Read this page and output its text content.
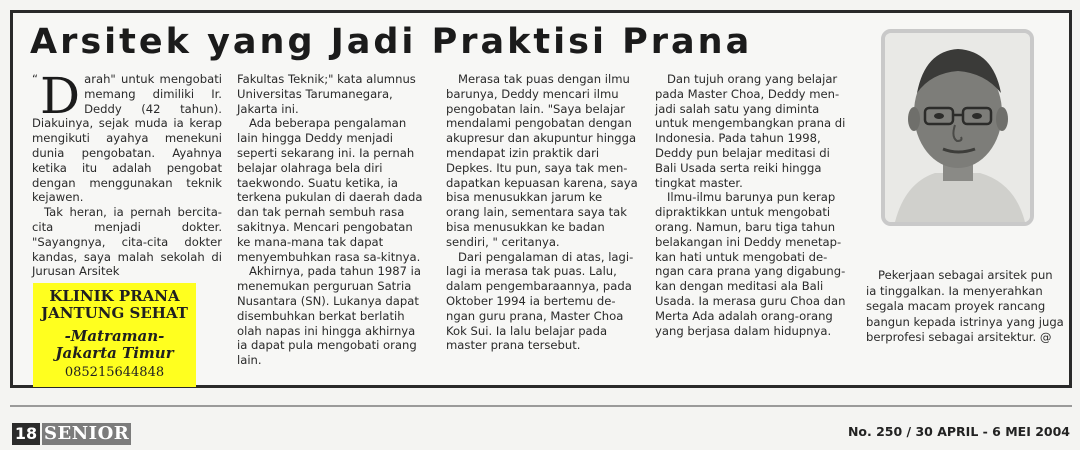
Arsitek yang Jadi Praktisi Prana

“ D arah" untuk mengobati memang dimiliki Ir. Deddy (42 tahun). Diakuinya, sejak muda ia kerap mengikuti ayahya menekuni dunia pengobatan. Ayahnya ketika itu adalah pengobat dengan menggunakan teknik kejawen.

Tak heran, ia pernah bercita-cita menjadi dokter. "Sayangnya, cita-cita dokter kandas, saya malah sekolah di Jurusan Arsitek

Fakultas Teknik;" kata alumnus Universitas Tarumanegara, Jakarta ini.

Ada beberapa pengalaman lain hingga Deddy menjadi seperti sekarang ini. Ia pernah belajar olahraga bela diri taekwondo. Suatu ketika, ia terkena pukulan di daerah dada dan tak pernah sembuh rasa sakitnya. Mencari pengobatan ke mana-mana tak dapat menyembuhkan rasa sa-kitnya.

Akhirnya, pada tahun 1987 ia menemukan perguruan Satria Nusantara (SN). Lukanya dapat disembuhkan berkat berlatih olah napas ini hingga akhirnya ia dapat pula mengobati orang lain.

Merasa tak puas dengan ilmu barunya, Deddy mencari ilmu pengobatan lain. "Saya belajar mendalami pengobatan dengan akupresur dan akupuntur hingga mendapat izin praktik dari Depkes. Itu pun, saya tak men-dapatkan kepuasan karena, saya bisa menusukkan jarum ke orang lain, sementara saya tak bisa menusukkan ke badan sendiri, " ceritanya.

Dari pengalaman di atas, lagi-lagi ia merasa tak puas. Lalu, dalam pengembaraannya, pada Oktober 1994 ia bertemu de-ngan guru prana, Master Choa Kok Sui. Ia lalu belajar pada master prana tersebut.

Dan tujuh orang yang belajar pada Master Choa, Deddy men-jadi salah satu yang diminta untuk mengembangkan prana di Indonesia. Pada tahun 1998, Deddy pun belajar meditasi di Bali Usada serta reiki hingga tingkat master.

Ilmu-ilmu barunya pun kerap dipraktikkan untuk mengobati orang. Namun, baru tiga tahun belakangan ini Deddy menetap-kan hati untuk mengobati de-ngan cara prana yang digabung-kan dengan meditasi ala Bali Usada. Ia merasa guru Choa dan Merta Ada adalah orang-orang yang berjasa dalam hidupnya.

Pekerjaan sebagai arsitek pun ia tinggalkan. Ia menyerahkan segala macam proyek rancang bangun kepada istrinya yang juga berprofesi sebagai arsitektur. @

KLINIK PRANA
JANTUNG SEHAT
-Matraman-
Jakarta Timur
085215644848
18 SENIOR	No. 250 / 30 APRIL - 6 MEI 2004
